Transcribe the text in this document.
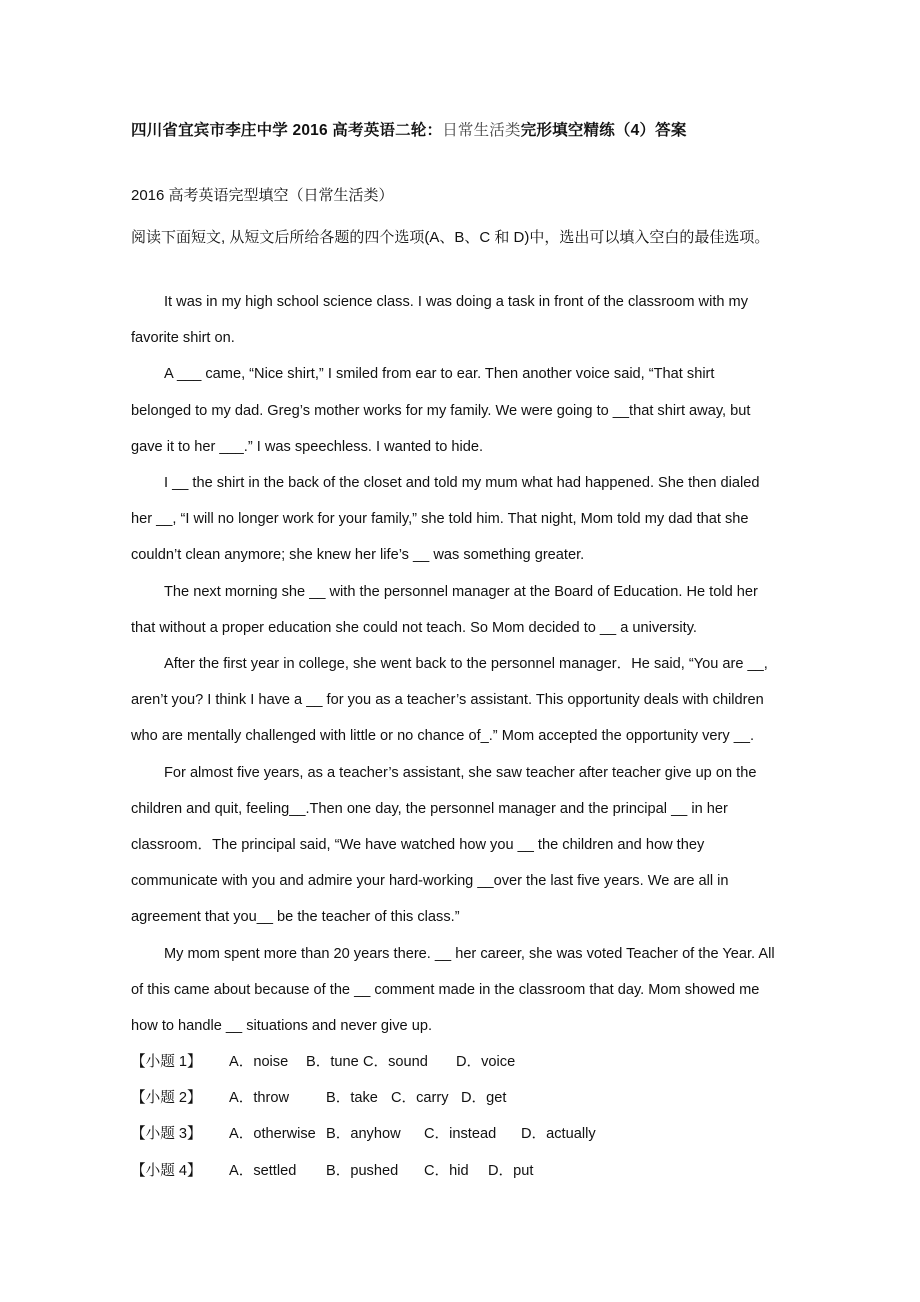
四川省宜宾市李庄中学 2016 高考英语二轮：日常生活类完形填空精练（4）答案
2016 高考英语完型填空（日常生活类）
阅读下面短文, 从短文后所给各题的四个选项(A、B、C 和 D)中，选出可以填入空白的最佳选项。

It was in my high school science class. I was doing a task in front of the classroom with my
favorite shirt on.

A ___ came, “Nice shirt,” I smiled from ear to ear. Then another voice said, “That shirt
belonged to my dad. Greg’s mother works for my family. We were going to __that shirt away, but
gave it to her ___.” I was speechless. I wanted to hide.

I __ the shirt in the back of the closet and told my mum what had happened. She then dialed
her __, “I will no longer work for your family,” she told him. That night, Mom told my dad that she
couldn’t clean anymore; she knew her life’s __ was something greater.

The next morning she __ with the personnel manager at the Board of Education. He told her
that without a proper education she could not teach. So Mom decided to __ a university.

After the first year in college, she went back to the personnel manager．He said, “You are __,
aren’t you? I think I have a __ for you as a teacher’s assistant. This opportunity deals with children
who are mentally challenged with little or no chance of_.” Mom accepted the opportunity very __.

For almost five years, as a teacher’s assistant, she saw teacher after teacher give up on the
children and quit, feeling__.Then one day, the personnel manager and the principal __ in her
classroom．The principal said, “We have watched how you __ the children and how they
communicate with you and admire your hard-working __over the last five years. We are all in
agreement that you__ be the teacher of this class.”

My mom spent more than 20 years there. __ her career, she was voted Teacher of the Year. All
of this came about because of the __ comment made in the classroom that day. Mom showed me
how to handle __ situations and never give up.

【小题 1】 A．noise B．tune C．sound D．voice
【小题 2】 A．throw	B．take C．carry D．get
【小题 3】 A．otherwise B．anyhow C．instead D．actually
【小题 4】 A．settled B．pushed C．hid D．put
